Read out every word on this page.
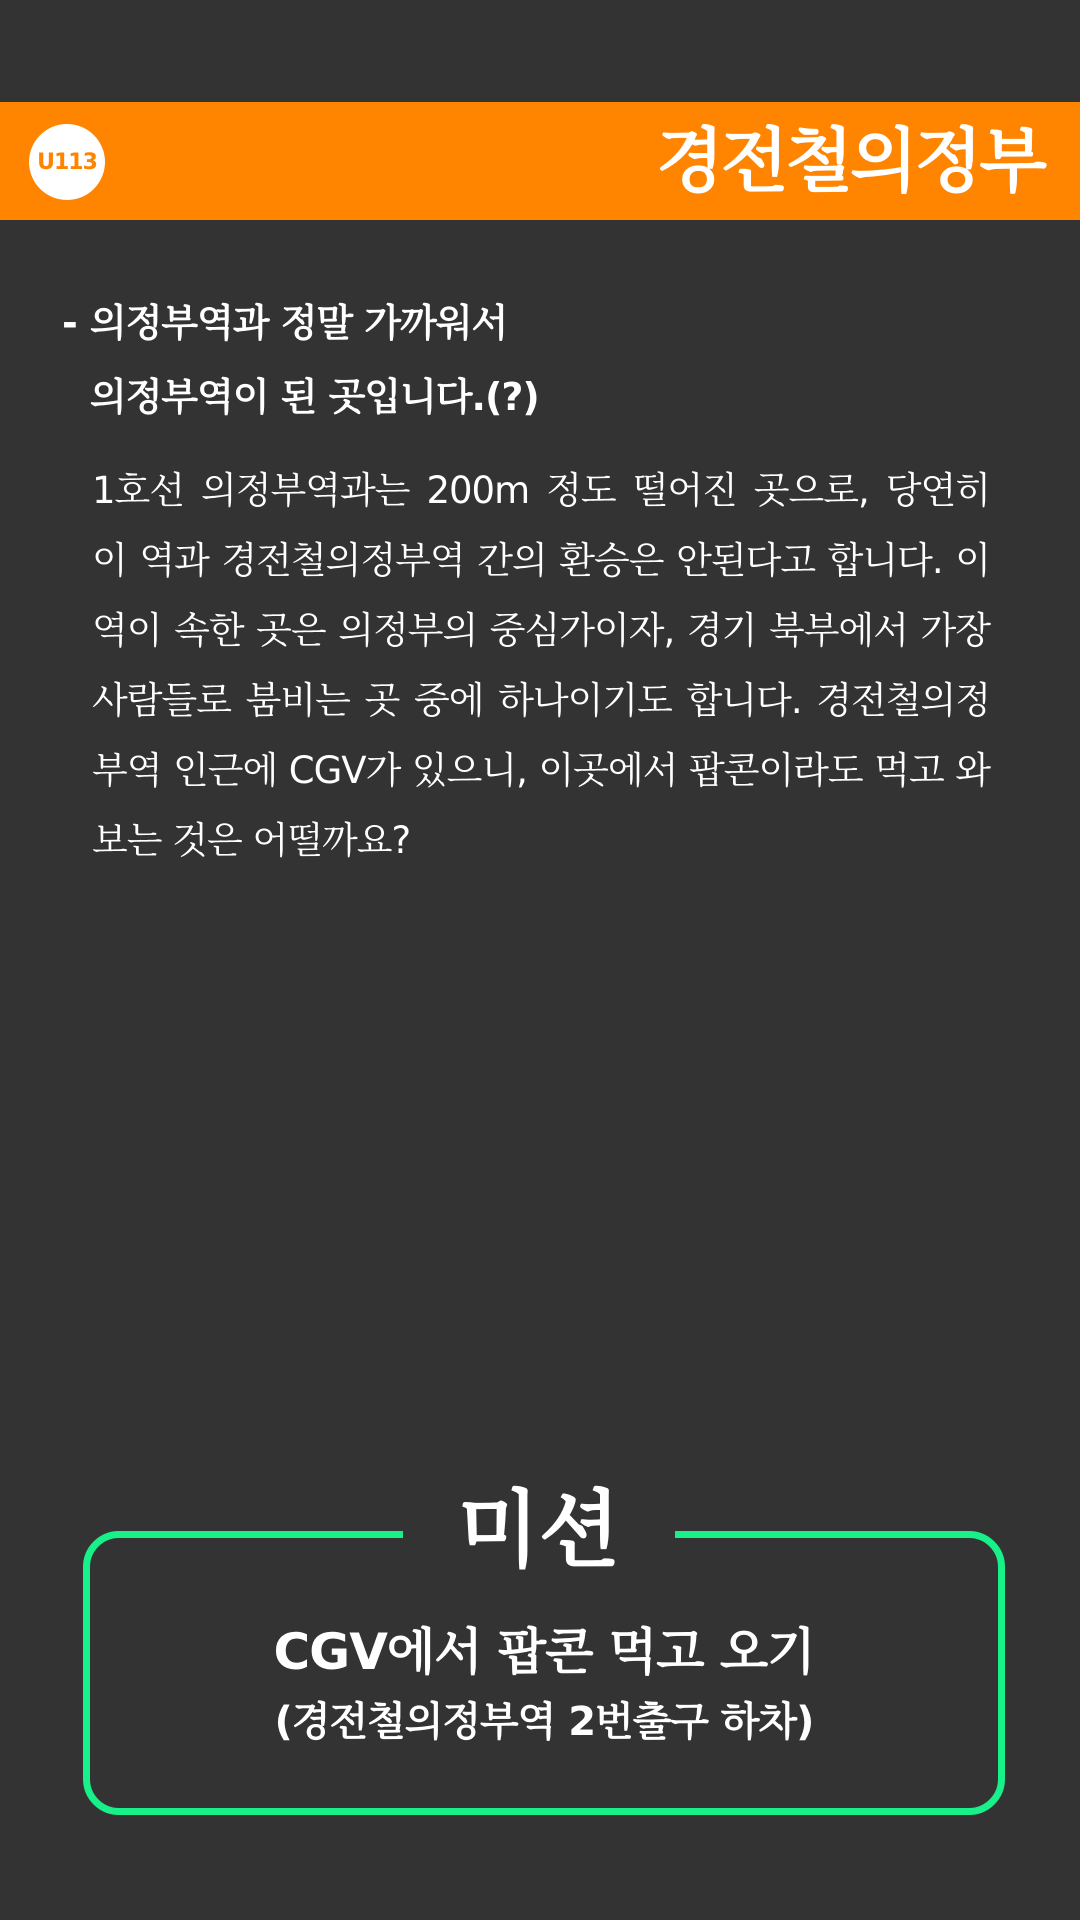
U113	경전철의정부
- 의정부역과 정말 가까워서
의정부역이 된 곳입니다.(?)
1호선 의정부역과는 200m 정도 떨어진 곳으로, 당연히 이 역과 경전철의정부역 간의 환승은 안된다고 합니다. 이 역이 속한 곳은 의정부의 중심가이자, 경기 북부에서 가장 사람들로 붐비는 곳 중에 하나이기도 합니다. 경전철의정부역 인근에 CGV가 있으니, 이곳에서 팝콘이라도 먹고 와보는 것은 어떨까요?
미션
CGV에서 팝콘 먹고 오기
(경전철의정부역 2번출구 하차)
